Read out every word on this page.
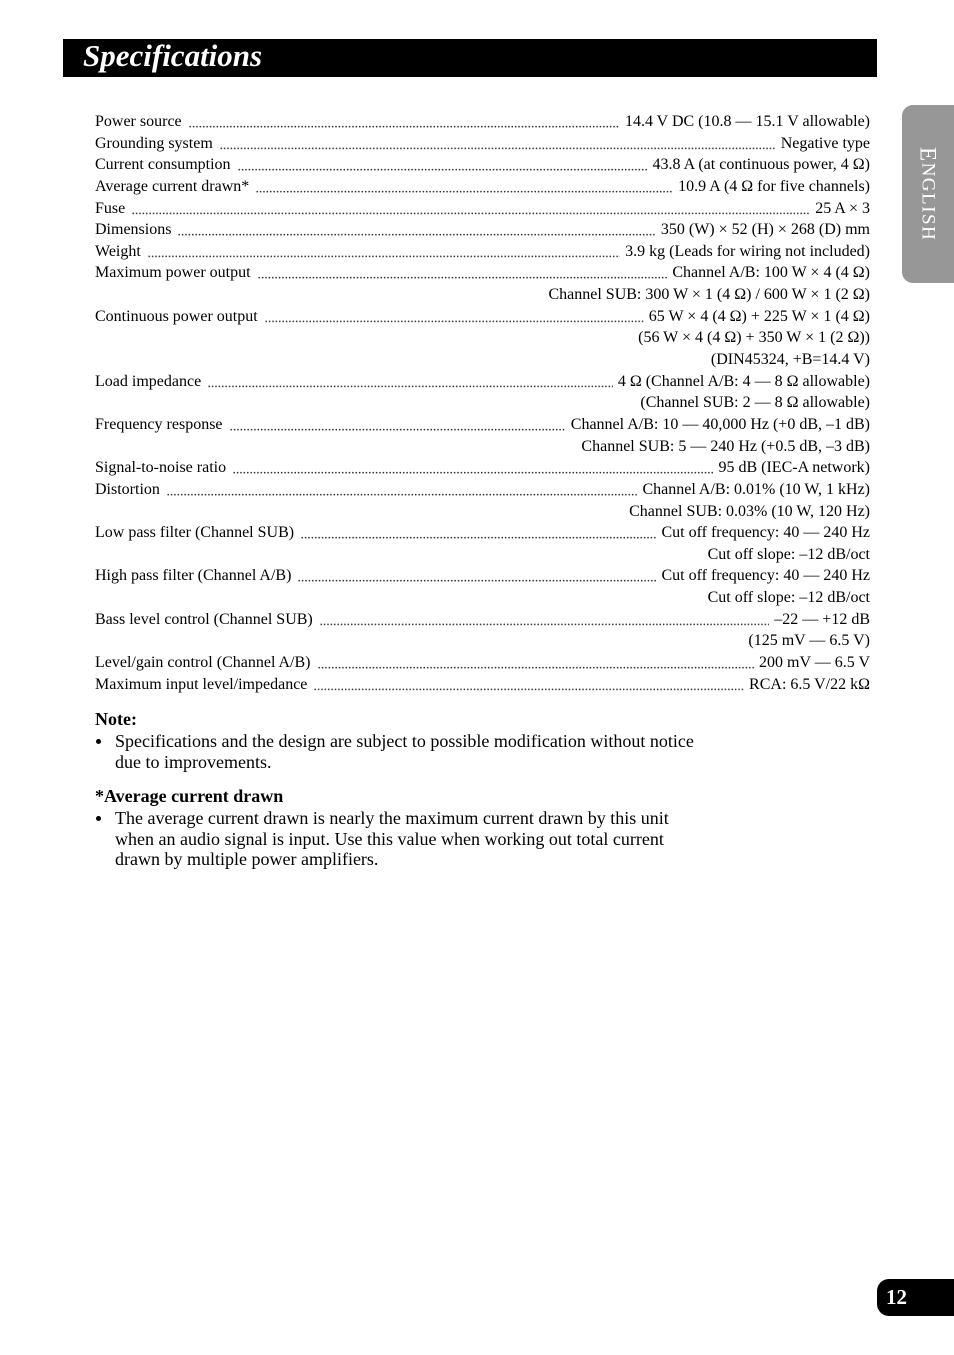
Specifications
ENGLISH
Power source	14.4 V DC (10.8 — 15.1 V allowable)
Grounding system	Negative type
Current consumption	43.8 A (at continuous power, 4 Ω)
Average current drawn*	10.9 A (4 Ω for five channels)
Fuse	25 A × 3
Dimensions	350 (W) × 52 (H) × 268 (D) mm
Weight	3.9 kg (Leads for wiring not included)
Maximum power output	Channel A/B: 100 W × 4 (4 Ω)
Channel SUB: 300 W × 1 (4 Ω) / 600 W × 1 (2 Ω)
Continuous power output	65 W × 4 (4 Ω) + 225 W × 1 (4 Ω)
(56 W × 4 (4 Ω) + 350 W × 1 (2 Ω))
(DIN45324, +B=14.4 V)
Load impedance	4 Ω (Channel A/B: 4 — 8 Ω allowable)
(Channel SUB: 2 — 8 Ω allowable)
Frequency response	Channel A/B: 10 — 40,000 Hz (+0 dB, –1 dB)
Channel SUB: 5 — 240 Hz (+0.5 dB, –3 dB)
Signal-to-noise ratio	95 dB (IEC-A network)
Distortion	Channel A/B: 0.01% (10 W, 1 kHz)
Channel SUB: 0.03% (10 W, 120 Hz)
Low pass filter (Channel SUB)	Cut off frequency: 40 — 240 Hz
Cut off slope: –12 dB/oct
High pass filter (Channel A/B)	Cut off frequency: 40 — 240 Hz
Cut off slope: –12 dB/oct
Bass level control (Channel SUB)	–22 — +12 dB
(125 mV — 6.5 V)
Level/gain control (Channel A/B)	200 mV — 6.5 V
Maximum input level/impedance	RCA: 6.5 V/22 kΩ
Note:
Specifications and the design are subject to possible modification without notice due to improvements.
*Average current drawn
The average current drawn is nearly the maximum current drawn by this unit when an audio signal is input. Use this value when working out total current drawn by multiple power amplifiers.
12
